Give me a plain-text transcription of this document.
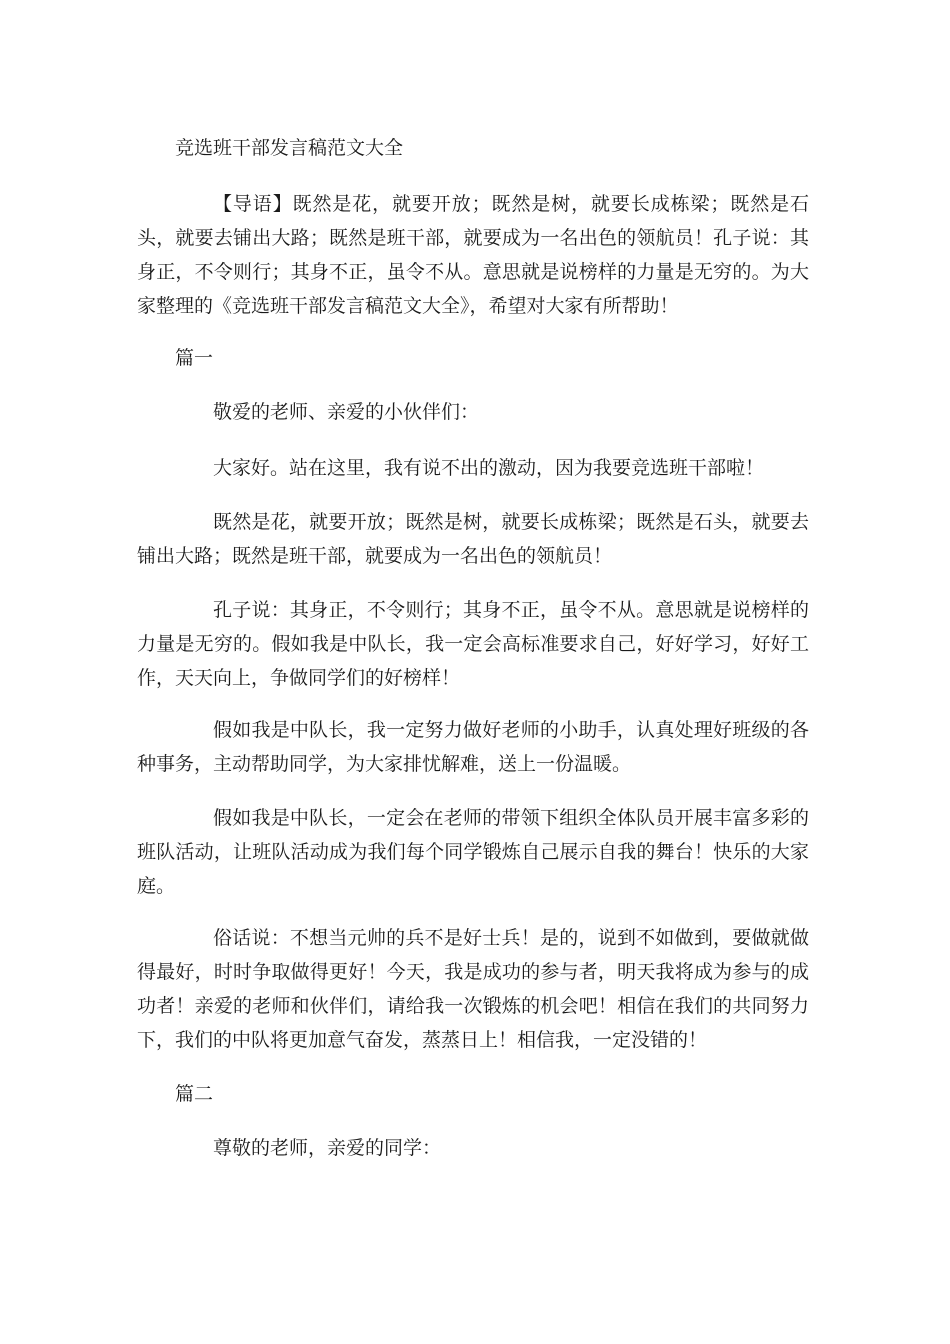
竞选班干部发言稿范文大全

【导语】既然是花，就要开放；既然是树，就要长成栋梁；既然是石头，就要去铺出大路；既然是班干部，就要成为一名出色的领航员！孔子说：其身正，不令则行；其身不正，虽令不从。意思就是说榜样的力量是无穷的。为大家整理的《竞选班干部发言稿范文大全》，希望对大家有所帮助！

篇一

敬爱的老师、亲爱的小伙伴们：

大家好。站在这里，我有说不出的激动，因为我要竞选班干部啦！

既然是花，就要开放；既然是树，就要长成栋梁；既然是石头，就要去铺出大路；既然是班干部，就要成为一名出色的领航员！

孔子说：其身正，不令则行；其身不正，虽令不从。意思就是说榜样的力量是无穷的。假如我是中队长，我一定会高标准要求自己，好好学习，好好工作，天天向上，争做同学们的好榜样！

假如我是中队长，我一定努力做好老师的小助手，认真处理好班级的各种事务，主动帮助同学，为大家排忧解难，送上一份温暖。

假如我是中队长，一定会在老师的带领下组织全体队员开展丰富多彩的班队活动，让班队活动成为我们每个同学锻炼自己展示自我的舞台！快乐的大家庭。

俗话说：不想当元帅的兵不是好士兵！是的，说到不如做到，要做就做得最好，时时争取做得更好！今天，我是成功的参与者，明天我将成为参与的成功者！亲爱的老师和伙伴们，请给我一次锻炼的机会吧！相信在我们的共同努力下，我们的中队将更加意气奋发，蒸蒸日上！相信我，一定没错的！

篇二

尊敬的老师，亲爱的同学：
